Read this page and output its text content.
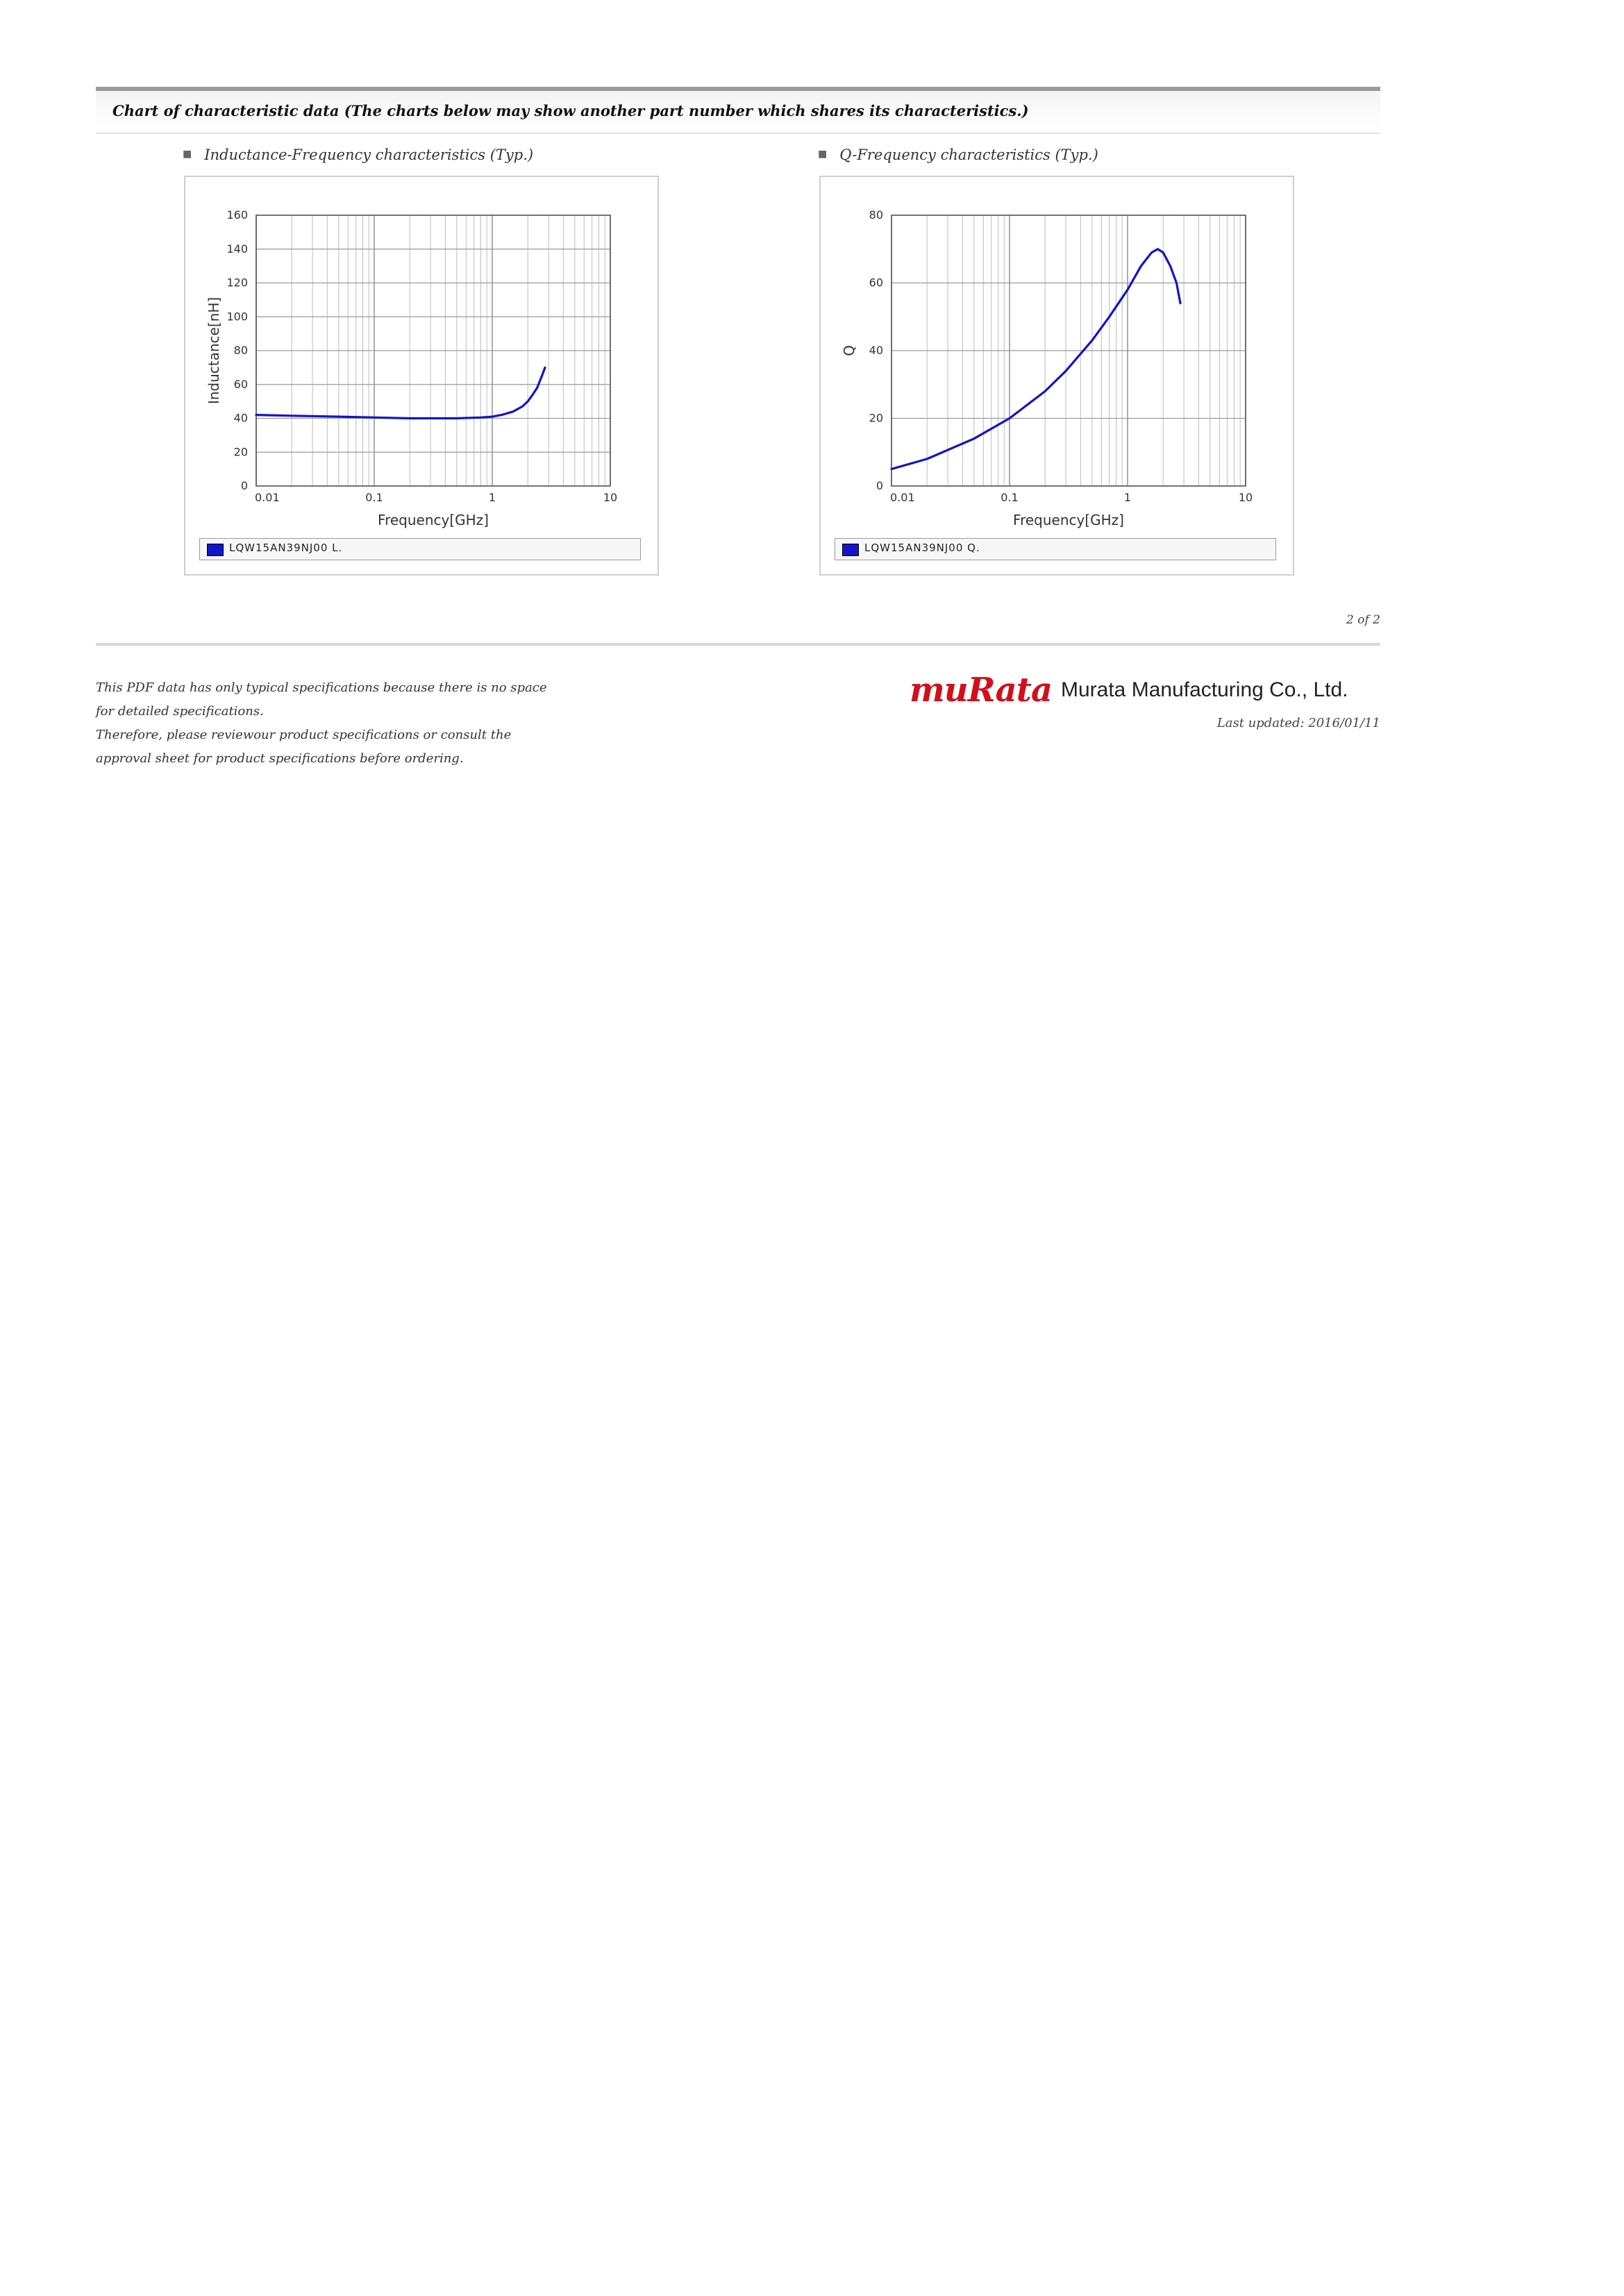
Chart of characteristic data (The charts below may show another part number which shares its characteristics.)
■ Inductance-Frequency characteristics (Typ.)	■ Q-Frequency characteristics (Typ.)
0
20
40
60
80
100
120
140
160
0.01	0.1	1	10
Frequency[GHz]
Inductance[nH]
LQW15AN39NJ00 L.
0
20
40
60
80
0.01	0.1	1	10
Frequency[GHz]
Q
LQW15AN39NJ00 Q.
2 of 2
This PDF data has only typical specifications because there is no space
for detailed specifications.
Therefore, please reviewour product specifications or consult the
approval sheet for product specifications before ordering.
muRata Murata Manufacturing Co., Ltd.
Last updated: 2016/01/11
